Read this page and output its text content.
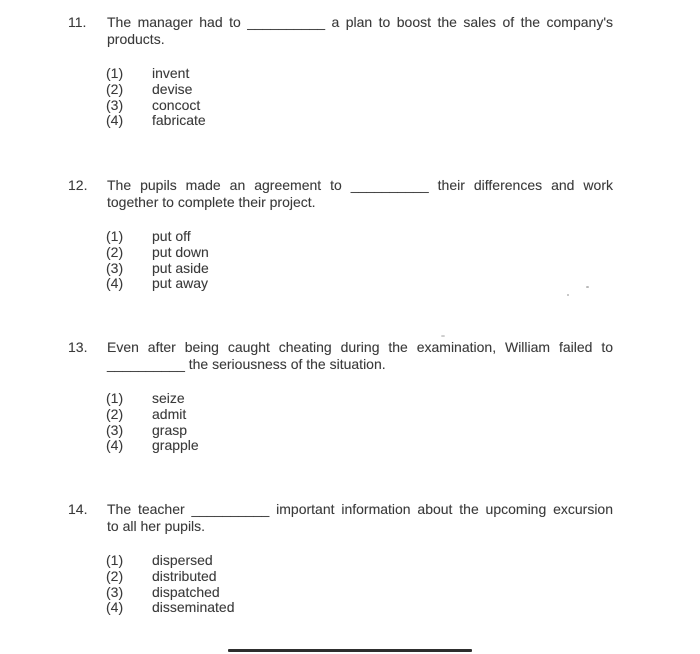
11.	The manager had to __________ a plan to boost the sales of the company's
products.
(1)	invent
(2)	devise
(3)	concoct
(4)	fabricate
12.	The pupils made an agreement to __________ their differences and work
together to complete their project.
(1)	put off
(2)	put down
(3)	put aside
(4)	put away
13.	Even after being caught cheating during the examination, William failed to
__________ the seriousness of the situation.
(1)	seize
(2)	admit
(3)	grasp
(4)	grapple
14.	The teacher __________ important information about the upcoming excursion
to all her pupils.
(1)	dispersed
(2)	distributed
(3)	dispatched
(4)	disseminated
